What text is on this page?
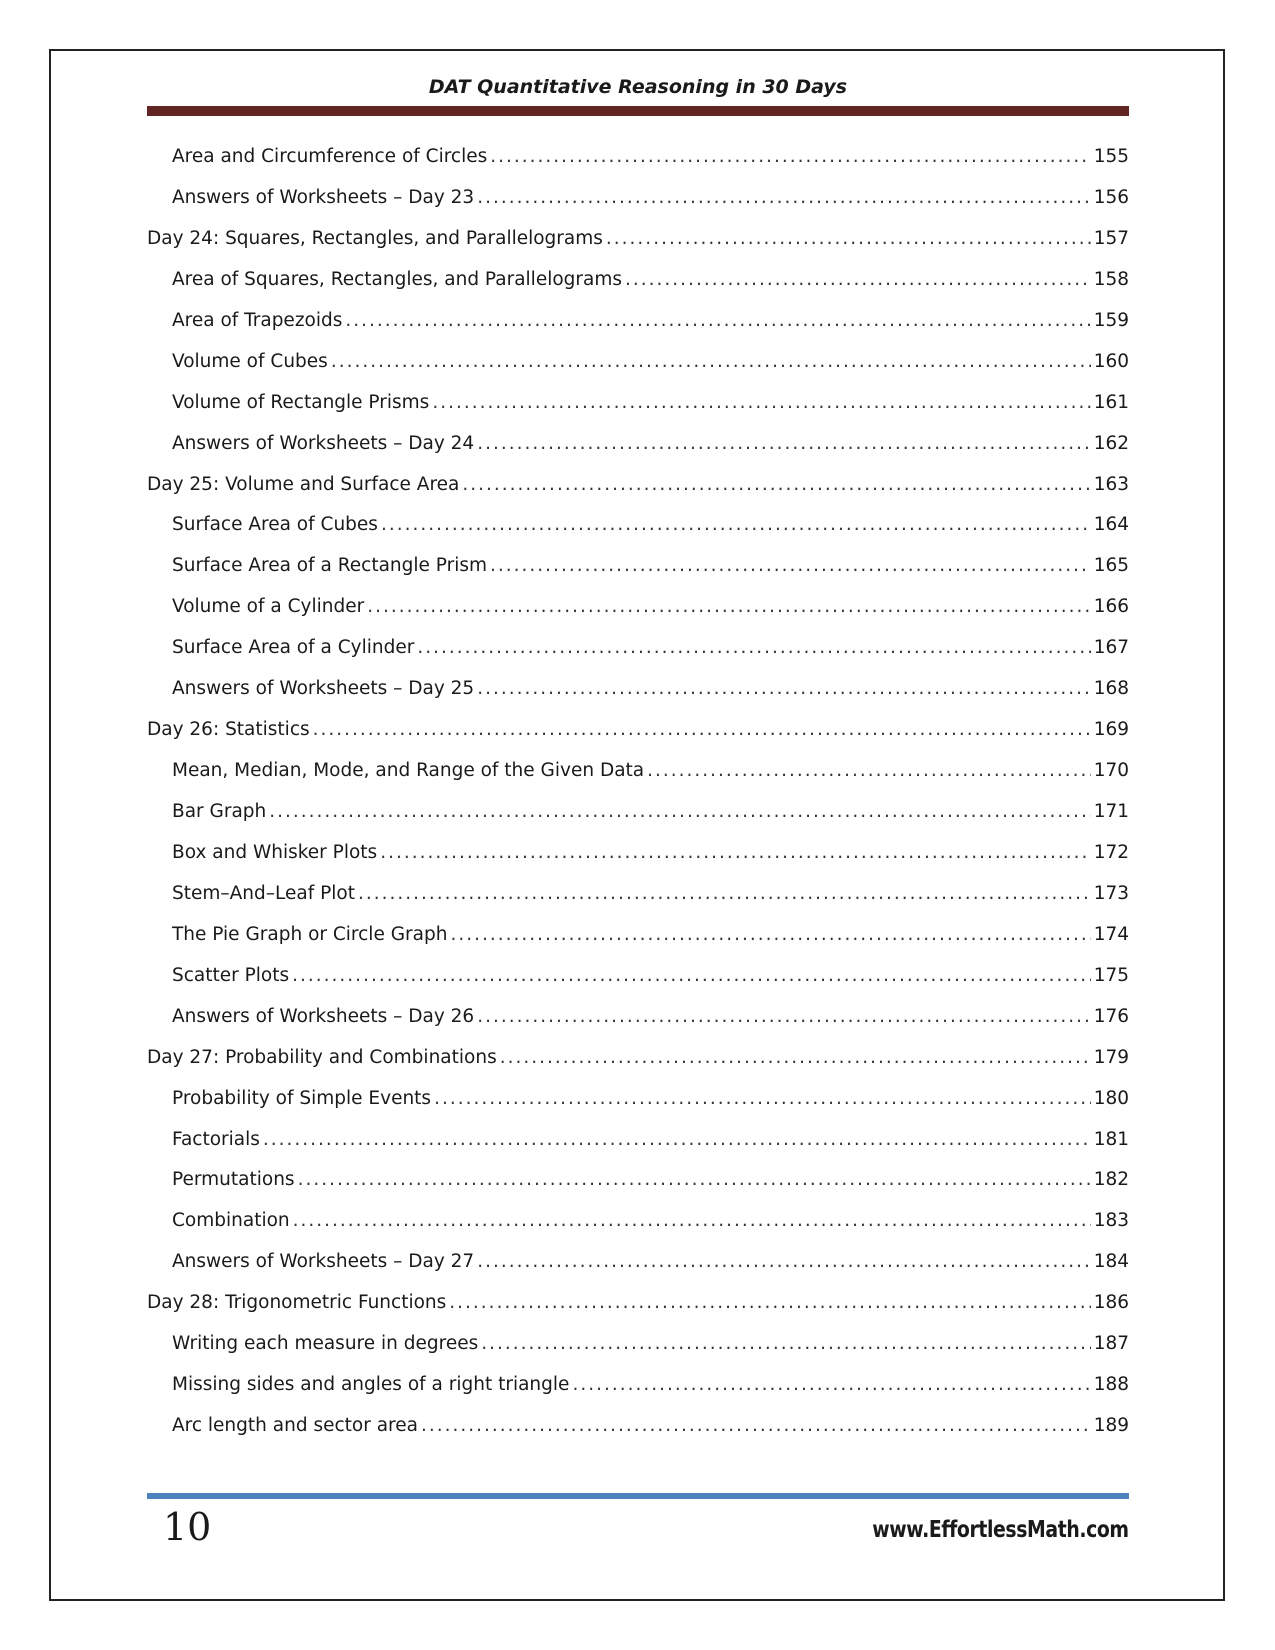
DAT Quantitative Reasoning in 30 Days
Area and Circumference of Circles .....	155
Answers of Worksheets – Day 23 .....	156
Day 24: Squares, Rectangles, and Parallelograms .....	157
Area of Squares, Rectangles, and Parallelograms .....	158
Area of Trapezoids .....	159
Volume of Cubes .....	160
Volume of Rectangle Prisms .....	161
Answers of Worksheets – Day 24 .....	162
Day 25: Volume and Surface Area .....	163
Surface Area of Cubes .....	164
Surface Area of a Rectangle Prism .....	165
Volume of a Cylinder .....	166
Surface Area of a Cylinder .....	167
Answers of Worksheets – Day 25 .....	168
Day 26: Statistics .....	169
Mean, Median, Mode, and Range of the Given Data .....	170
Bar Graph .....	171
Box and Whisker Plots .....	172
Stem–And–Leaf Plot .....	173
The Pie Graph or Circle Graph .....	174
Scatter Plots .....	175
Answers of Worksheets – Day 26 .....	176
Day 27: Probability and Combinations .....	179
Probability of Simple Events .....	180
Factorials .....	181
Permutations .....	182
Combination .....	183
Answers of Worksheets – Day 27 .....	184
Day 28: Trigonometric Functions .....	186
Writing each measure in degrees .....	187
Missing sides and angles of a right triangle .....	188
Arc length and sector area .....	189
10	www.EffortlessMath.com
